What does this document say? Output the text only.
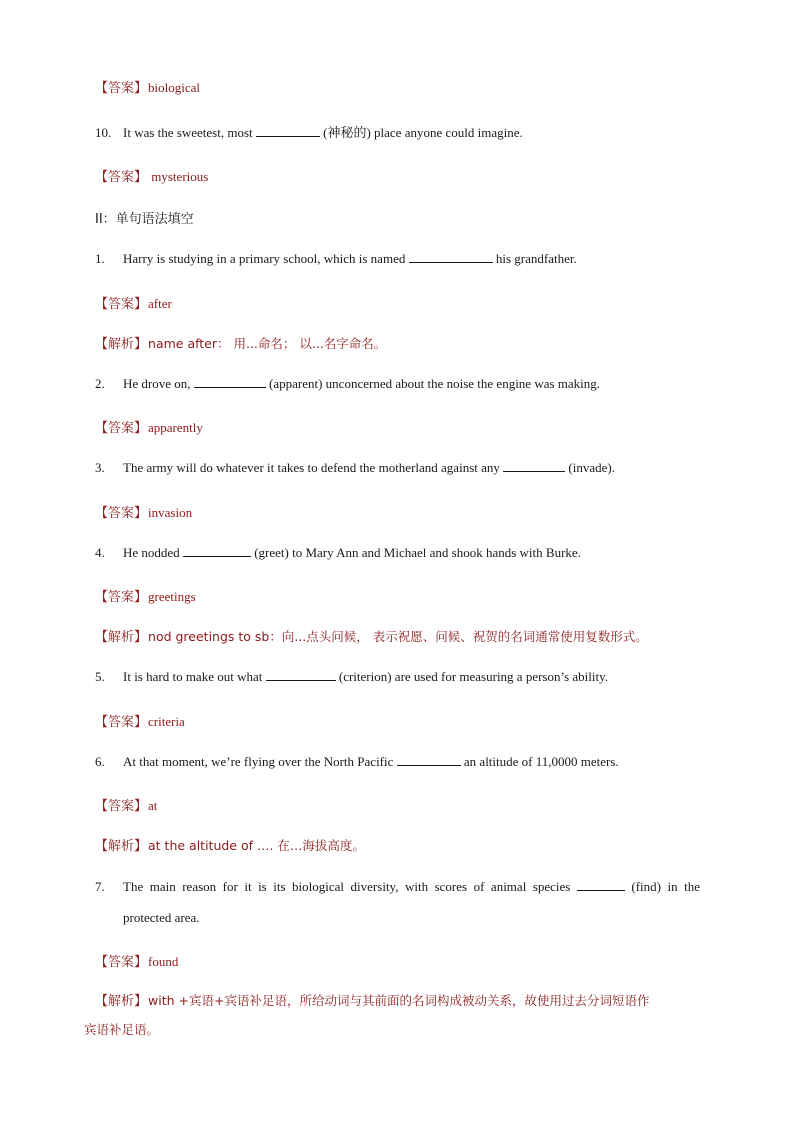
【答案】biological
10. It was the sweetest, most	(神秘的) place anyone could imagine.
【答案】 mysterious
II：单句语法填空
1. Harry is studying in a primary school, which is named	his grandfather.
【答案】after
【解析】name after： 用...命名； 以...名字命名。
2. He drove on,	(apparent) unconcerned about the noise the engine was making.
【答案】apparently
3. The army will do whatever it takes to defend the motherland against any	(invade).
【答案】invasion
4. He nodded	(greet) to Mary Ann and Michael and shook hands with Burke.
【答案】greetings
【解析】nod greetings to sb：向...点头问候， 表示祝愿、问候、祝贺的名词通常使用复数形式。
5. It is hard to make out what	(criterion) are used for measuring a person’s ability.
【答案】criteria
6. At that moment, we’re flying over the North Pacific	an altitude of 11,0000 meters.
【答案】at
【解析】at the altitude of …. 在…海拔高度。
7. The main reason for it is its biological diversity, with scores of animal species	(find) in the
protected area.
【答案】found
【解析】with +宾语+宾语补足语，所给动词与其前面的名词构成被动关系，故使用过去分词短语作
宾语补足语。
